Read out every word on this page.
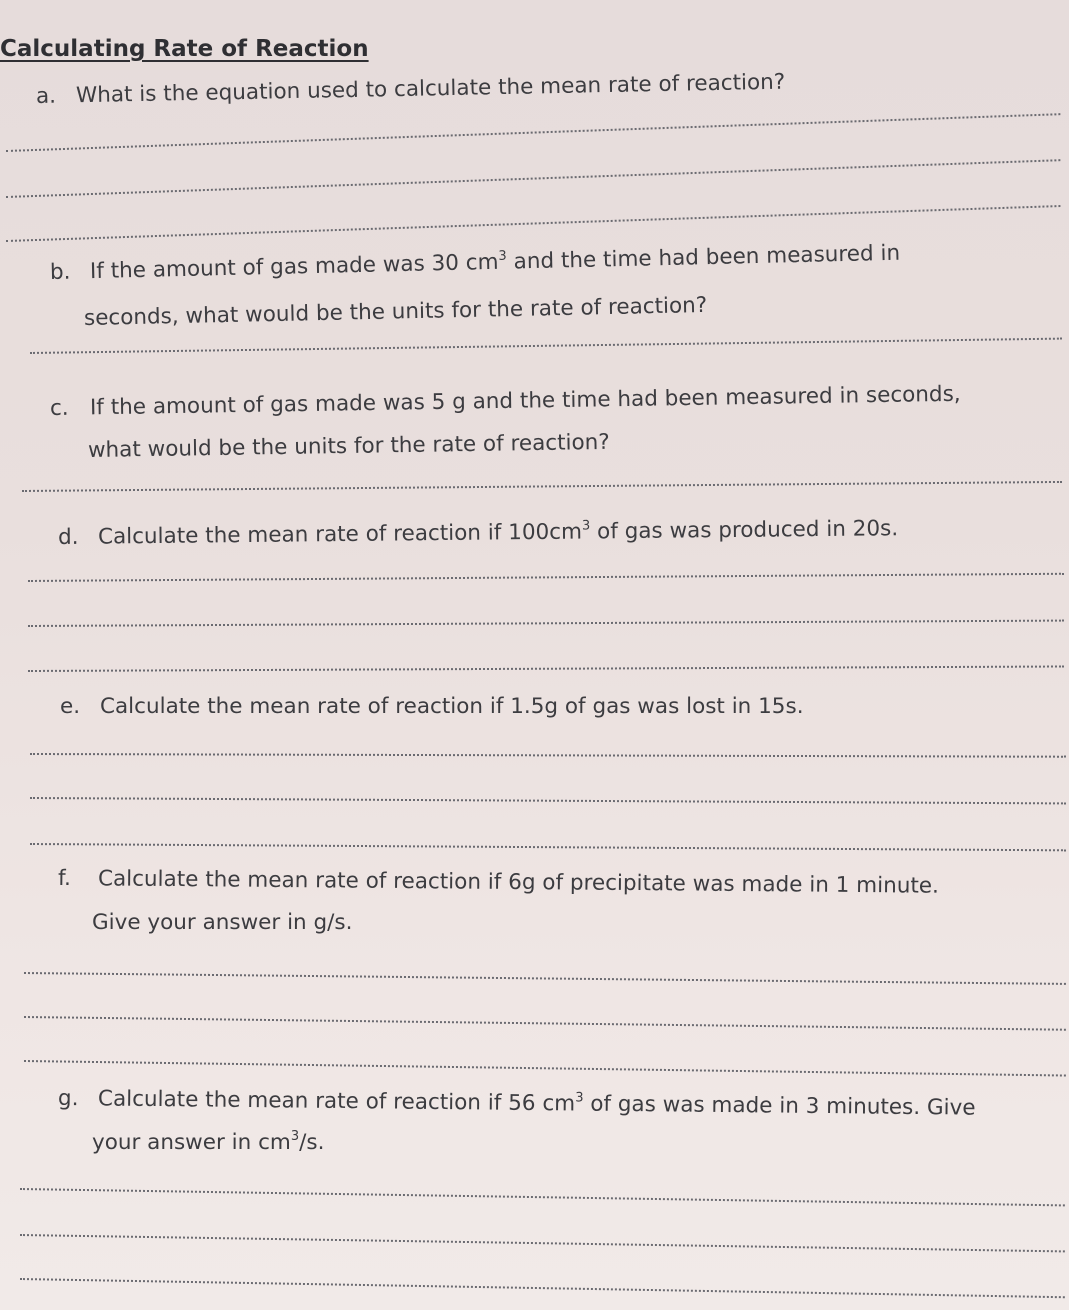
Calculating Rate of Reaction
a. What is the equation used to calculate the mean rate of reaction?
b. If the amount of gas made was 30 $cm^3$ and the time had been measured in
seconds, what would be the units for the rate of reaction?
c. If the amount of gas made was 5 g and the time had been measured in seconds,
what would be the units for the rate of reaction?
d. Calculate the mean rate of reaction if $100cm^3$ of gas was produced in 20s.
e. Calculate the mean rate of reaction if 1.5g of gas was lost in 15s.
f. Calculate the mean rate of reaction if 6g of precipitate was made in 1 minute.
Give your answer in g/s.
g. Calculate the mean rate of reaction if 56 $cm^3$ of gas was made in 3 minutes. Give
your answer in $cm^3/s$.
